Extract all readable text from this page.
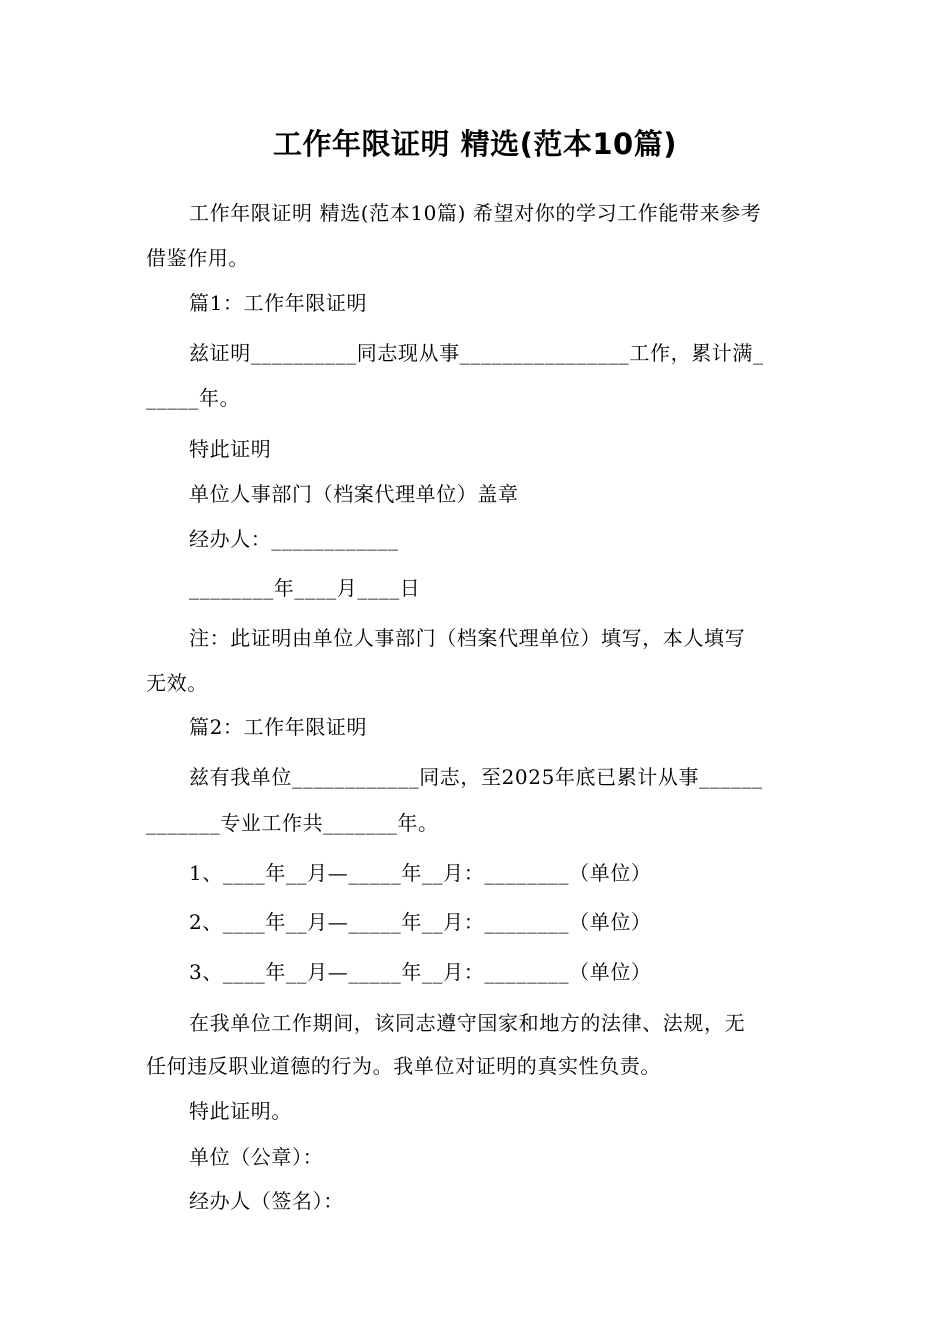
工作年限证明 精选(范本10篇)
工作年限证明 精选(范本10篇) 希望对你的学习工作能带来参考
借鉴作用。
篇1：工作年限证明
兹证明__________同志现从事________________工作，累计满_
_____年。
特此证明
单位人事部门（档案代理单位）盖章
经办人：____________
________年____月____日
注：此证明由单位人事部门（档案代理单位）填写，本人填写
无效。
篇2：工作年限证明
兹有我单位____________同志，至2025年底已累计从事______
_______专业工作共_______年。
1、____年__月—_____年__月：________（单位）
2、____年__月—_____年__月：________（单位）
3、____年__月—_____年__月：________（单位）
在我单位工作期间，该同志遵守国家和地方的法律、法规，无
任何违反职业道德的行为。我单位对证明的真实性负责。
特此证明。
单位（公章）：
经办人（签名）：
